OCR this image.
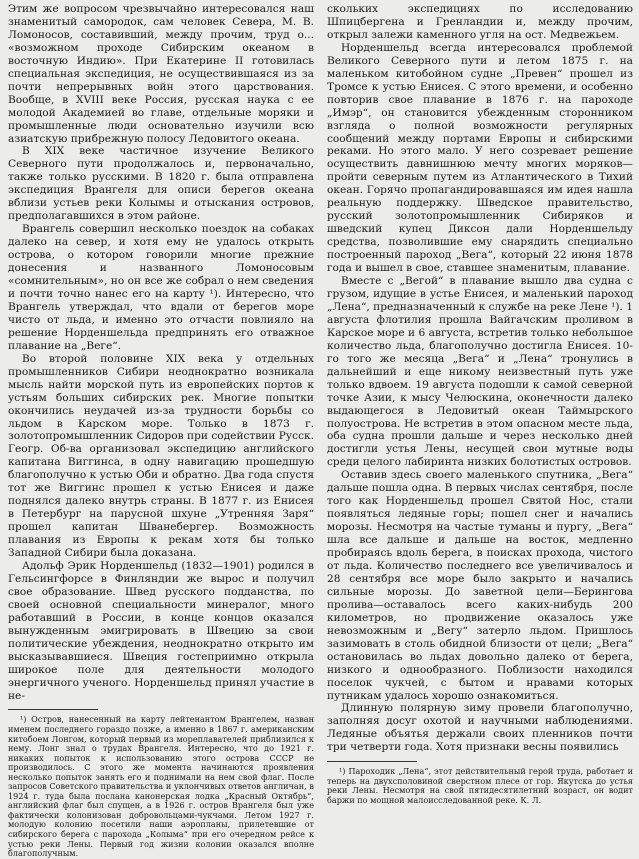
Этим же вопросом чрезвычайно интересовался наш знаменитый самородок, сам человек Севера, М. В. Ломоносов, составивший, между прочим, труд о... «возможном проходе Сибирским океаном в восточную Индию». При Екатерине II готовилась специальная экспедиция, не осуществившаяся из за почти непрерывных войн этого царствования. Вообще, в XVIII веке Россия, русская наука с ее молодой Академией во главе, отдельные моряки и промышленные люди основательно изучили всю азиатскую прибрежную полосу Ледовитого океана.

В XIX веке частичное изучение Великого Северного пути продолжалось и, первоначально, также только русскими. В 1820 г. была отправлена экспедиция Врангеля для описи берегов океана вблизи устьев реки Колымы и отыскания островов, предполагавшихся в этом районе.

Врангель совершил несколько поездок на собаках далеко на север, и хотя ему не удалось открыть острова, о котором говорили многие прежние донесения и названного Ломоносовым «сомнительным», но он все же собрал о нем сведения и почти точно нанес его на карту ¹). Интересно, что Врангель утверждал, что вдали от берегов море чисто от льда, и именно это отчасти повлияло на решение Норденшельда предпринять его отважное плавание на „Веге“.

Во второй половине XIX века у отдельных промышленников Сибири неоднократно возникала мысль найти морской путь из европейских портов к устьям больших сибирских рек. Многие попытки окончились неудачей из-за трудности борьбы со льдом в Карском море. Только в 1873 г. золотопромышленник Сидоров при содействии Русск. Геогр. Об-ва организовал экспедицию английского капитана Виггинса, в одну навигацию прошедшую благополучно к устью Оби и обратно. Два года спустя тот же Виггинс прошел к устью Енисея и даже поднялся далеко внутрь страны. В 1877 г. из Енисея в Петербург на парусной шхуне „Утренняя Заря“ прошел капитан Шванебергер. Возможность плавания из Европы к рекам хотя бы только Западной Сибири была доказана.

Адольф Эрик Норденшельд (1832—1901) родился в Гельсингфорсе в Финляндии же вырос и получил свое образование. Швед русского подданства, по своей основной специальности минералог, много работавший в России, в конце концов оказался вынужденным эмигрировать в Швецию за свои политические убеждения, неоднократно открыто им высказывавшиеся. Швеция гостеприимно открыла широкое поле для деятельности молодого энергичного ученого. Норденшельд принял участие в не-

¹) Остров, нанесенный на карту лейтенантом Врангелем, назван именем последнего гораздо позже, а именно в 1867 г. американским китобоем Лонгом, который первый из мореплавателей приблизился к нему. Лонг знал о трудах Врангеля. Интересно, что до 1921 г. никаких попыток к использованию этого острова СССР не производилось. С этого же момента начинаются проявления несколько попыток занять его и поднимали на нем свой флаг. После запросов Советского правительства и уклончивых ответов англичан, в 1924 г. туда была послана канонерская лодка „Красный Октябрь“, английский флаг был спущен, а в 1926 г. остров Врангеля был уже фактически колонизован добровольцами-чукчами. Летом 1927 г. молодую колонию посетили наши аэропланы, прилетевшие от сибирского берега с парохода „Колыма“ при его очередном рейсе к устью реки Лены. Первый год жизни колонии оказался вполне благополучным.

скольких экспедициях по исследованию Шпицбергена и Гренландии и, между прочим, открыл залежи каменного угля на ост. Медвежьем.

Норденшельд всегда интересовался проблемой Великого Северного пути и летом 1875 г. на маленьком китобойном судне „Превен“ прошел из Тромсе к устью Енисея. С этого времени, и особенно повторив свое плавание в 1876 г. на пароходе „Имэр“, он становится убежденным сторонником взгляда о полной возможности регулярных сообщений между портами Европы и сибирскими реками. Но этого мало. У него созревает решение осуществить давнишнюю мечту многих моряков—пройти северным путем из Атлантического в Тихий океан. Горячо пропагандировавшаяся им идея нашла реальную поддержку. Шведское правительство, русский золотопромышленник Сибиряков и шведский купец Диксон дали Норденшельду средства, позволившие ему снарядить специально построенный пароход „Вега“, который 22 июня 1878 года и вышел в свое, ставшее знаменитым, плавание.

Вместе с „Вегой“ в плавание вышло два судна с грузом, идущие в устье Енисея, и маленький пароход „Лена“, предназначенный к службе на реке Лене ¹). 1 августа флотилия прошла Вайгачским проливом в Карское море и 6 августа, встретив только небольшое количество льда, благополучно достигла Енисея. 10-го того же месяца „Вега“ и „Лена“ тронулись в дальнейший и еще никому неизвестный путь уже только вдвоем. 19 августа подошли к самой северной точке Азии, к мысу Челюскина, оконечности далеко выдающегося в Ледовитый океан Таймырского полуострова. Не встретив в этом опасном месте льда, оба судна прошли дальше и через несколько дней достигли устья Лены, несущей свои мутные воды среди целого лабиринта низких болотистых островов.

Оставив здесь своего маленького спутника, „Вега“ дальше пошла одна. В первых числах сентября, после того как Норденшельд прошел Святой Нос, стали появляться ледяные горы; пошел снег и начались морозы. Несмотря на частые туманы и пургу, „Вега“ шла все дальше и дальше на восток, медленно пробираясь вдоль берега, в поисках прохода, чистого от льда. Количество последнего все увеличивалось и 28 сентября все море было закрыто и начались сильные морозы. До заветной цели—Берингова пролива—оставалось всего каких-нибудь 200 километров, но продвижение оказалось уже невозможным и „Вегу“ затерло льдом. Пришлось зазимовать в столь обидной близости от цели; „Вега“ остановилась во льдах довольно далеко от берега, низкого и однообразного. Поблизости находился поселок чукчей, с бытом и нравами которых путникам удалось хорошо ознакомиться.

Длинную полярную зиму провели благополучно, заполняя досуг охотой и научными наблюдениями. Ледяные объятья держали своих пленников почти три четверти года. Хотя признаки весны появились

¹) Пароходик „Лена“, этот действительный герой труда, работает и теперь на двухсполовиной сверстном плесе от гор. Якутска до устья реки Лены. Несмотря на свой пятидесятилетний возраст, он водит баржи по мощной малоисследованной реке. К. Л.
